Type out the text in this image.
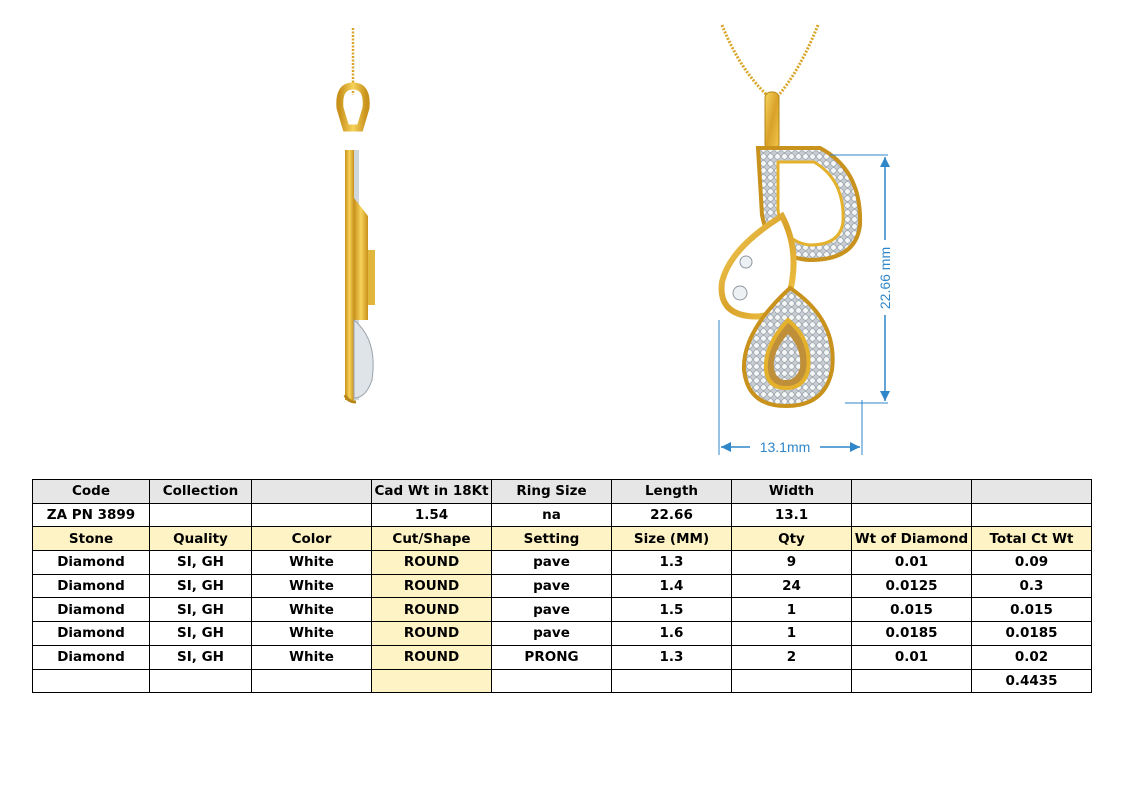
22.66 mm
13.1mm
Code	Collection		Cad Wt in 18Kt	Ring Size	Length	Width		
ZA PN 3899			1.54	na	22.66	13.1		
Stone	Quality	Color	Cut/Shape	Setting	Size (MM)	Qty	Wt of Diamond	Total Ct Wt
Diamond	SI, GH	White	ROUND	pave	1.3	9	0.01	0.09
Diamond	SI, GH	White	ROUND	pave	1.4	24	0.0125	0.3
Diamond	SI, GH	White	ROUND	pave	1.5	1	0.015	0.015
Diamond	SI, GH	White	ROUND	pave	1.6	1	0.0185	0.0185
Diamond	SI, GH	White	ROUND	PRONG	1.3	2	0.01	0.02
								0.4435
